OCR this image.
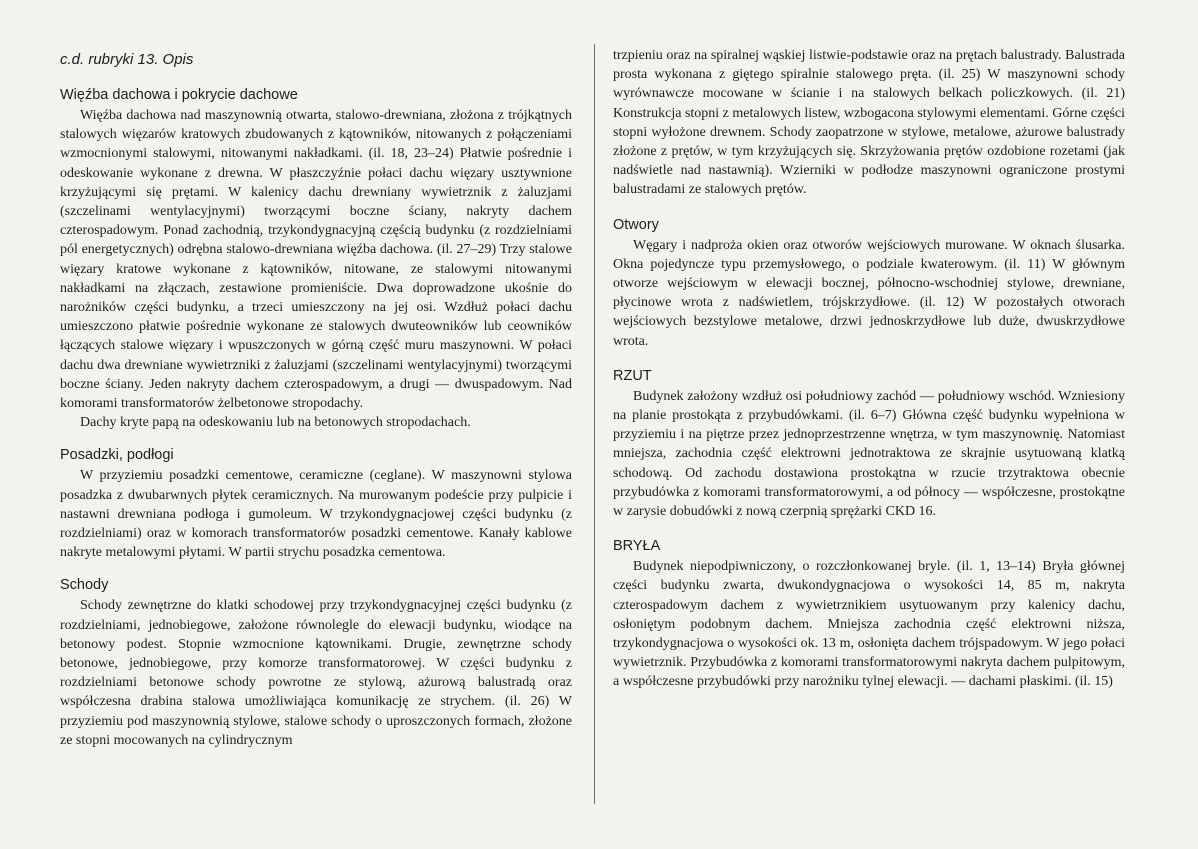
c.d. rubryki 13. Opis
Więźba dachowa i pokrycie dachowe

Więźba dachowa nad maszynownią otwarta, stalowo-drewniana, złożona z trójkątnych stalowych więzarów kratowych zbudowanych z kątowników, nitowanych z połączeniami wzmocnionymi stalowymi, nitowanymi nakładkami. (il. 18, 23–24) Płatwie pośrednie i odeskowanie wykonane z drewna. W płaszczyźnie połaci dachu więzary usztywnione krzyżującymi się prętami. W kalenicy dachu drewniany wywietrznik z żaluzjami (szczelinami wentylacyjnymi) tworzącymi boczne ściany, nakryty dachem czterospadowym. Ponad zachodnią, trzykondygnacyjną częścią budynku (z rozdzielniami pól energetycznych) odrębna stalowo-drewniana więźba dachowa. (il. 27–29) Trzy stalowe więzary kratowe wykonane z kątowników, nitowane, ze stalowymi nitowanymi nakładkami na złączach, zestawione promieniście. Dwa doprowadzone ukośnie do narożników części budynku, a trzeci umieszczony na jej osi. Wzdłuż połaci dachu umieszczono płatwie pośrednie wykonane ze stalowych dwuteowników lub ceowników łączących stalowe więzary i wpuszczonych w górną część muru maszynowni. W połaci dachu dwa drewniane wywietrzniki z żaluzjami (szczelinami wentylacyjnymi) tworzącymi boczne ściany. Jeden nakryty dachem czterospadowym, a drugi — dwuspadowym. Nad komorami transformatorów żelbetonowe stropodachy.

Dachy kryte papą na odeskowaniu lub na betonowych stropodachach.

Posadzki, podłogi

W przyziemiu posadzki cementowe, ceramiczne (ceglane). W maszynowni stylowa posadzka z dwubarwnych płytek ceramicznych. Na murowanym podeście przy pulpicie i nastawni drewniana podłoga i gumoleum. W trzykondygnacjowej części budynku (z rozdzielniami) oraz w komorach transformatorów posadzki cementowe. Kanały kablowe nakryte metalowymi płytami. W partii strychu posadzka cementowa.

Schody

Schody zewnętrzne do klatki schodowej przy trzykondygnacyjnej części budynku (z rozdzielniami, jednobiegowe, założone równolegle do elewacji budynku, wiodące na betonowy podest. Stopnie wzmocnione kątownikami. Drugie, zewnętrzne schody betonowe, jednobiegowe, przy komorze transformatorowej. W części budynku z rozdzielniami betonowe schody powrotne ze stylową, ażurową balustradą oraz współczesna drabina stalowa umożliwiająca komunikację ze strychem. (il. 26) W przyziemiu pod maszynownią stylowe, stalowe schody o uproszczonych formach, złożone ze stopni mocowanych na cylindrycznym

trzpieniu oraz na spiralnej wąskiej listwie-podstawie oraz na prętach balustrady. Balustrada prosta wykonana z giętego spiralnie stalowego pręta. (il. 25) W maszynowni schody wyrównawcze mocowane w ścianie i na stalowych belkach policzkowych. (il. 21) Konstrukcja stopni z metalowych listew, wzbogacona stylowymi elementami. Górne części stopni wyłożone drewnem. Schody zaopatrzone w stylowe, metalowe, ażurowe balustrady złożone z prętów, w tym krzyżujących się. Skrzyżowania prętów ozdobione rozetami (jak nadświetle nad nastawnią). Wzierniki w podłodze maszynowni ograniczone prostymi balustradami ze stalowych prętów.

Otwory

Węgary i nadproża okien oraz otworów wejściowych murowane. W oknach ślusarka. Okna pojedyncze typu przemysłowego, o podziale kwaterowym. (il. 11) W głównym otworze wejściowym w elewacji bocznej, północno-wschodniej stylowe, drewniane, płycinowe wrota z nadświetlem, trójskrzydłowe. (il. 12) W pozostałych otworach wejściowych bezstylowe metalowe, drzwi jednoskrzydłowe lub duże, dwuskrzydłowe wrota.

RZUT

Budynek założony wzdłuż osi południowy zachód — południowy wschód. Wzniesiony na planie prostokąta z przybudówkami. (il. 6–7) Główna część budynku wypełniona w przyziemiu i na piętrze przez jednoprzestrzenne wnętrza, w tym maszynownię. Natomiast mniejsza, zachodnia część elektrowni jednotraktowa ze skrajnie usytuowaną klatką schodową. Od zachodu dostawiona prostokątna w rzucie trzytraktowa obecnie przybudówka z komorami transformatorowymi, a od północy — współczesne, prostokątne w zarysie dobudówki z nową czerpnią sprężarki CKD 16.

BRYŁA

Budynek niepodpiwniczony, o rozczłonkowanej bryle. (il. 1, 13–14) Bryła głównej części budynku zwarta, dwukondygnacjowa o wysokości 14, 85 m, nakryta czterospadowym dachem z wywietrznikiem usytuowanym przy kalenicy dachu, osłoniętym podobnym dachem. Mniejsza zachodnia część elektrowni niższa, trzykondygnacjowa o wysokości ok. 13 m, osłonięta dachem trójspadowym. W jego połaci wywietrznik. Przybudówka z komorami transformatorowymi nakryta dachem pulpitowym, a współczesne przybudówki przy narożniku tylnej elewacji. — dachami płaskimi. (il. 15)
